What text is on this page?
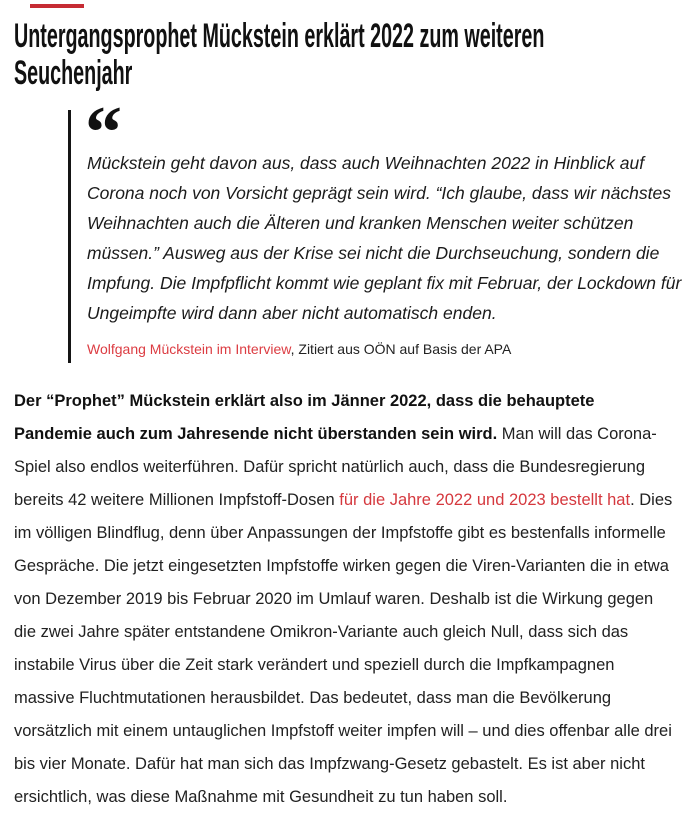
Untergangsprophet Mückstein erklärt 2022 zum weiteren
Seuchenjahr
“

Mückstein geht davon aus, dass auch Weihnachten 2022 in Hinblick auf Corona noch von Vorsicht geprägt sein wird. “Ich glaube, dass wir nächstes Weihnachten auch die Älteren und kranken Menschen weiter schützen müssen.” Ausweg aus der Krise sei nicht die Durchseuchung, sondern die Impfung. Die Impfpflicht kommt wie geplant fix mit Februar, der Lockdown für Ungeimpfte wird dann aber nicht automatisch enden.

Wolfgang Mückstein im Interview, Zitiert aus OÖN auf Basis der APA

Der “Prophet” Mückstein erklärt also im Jänner 2022, dass die behauptete Pandemie auch zum Jahresende nicht überstanden sein wird. Man will das Corona-Spiel also endlos weiterführen. Dafür spricht natürlich auch, dass die Bundesregierung bereits 42 weitere Millionen Impfstoff-Dosen für die Jahre 2022 und 2023 bestellt hat. Dies im völligen Blindflug, denn über Anpassungen der Impfstoffe gibt es bestenfalls informelle Gespräche. Die jetzt eingesetzten Impfstoffe wirken gegen die Viren-Varianten die in etwa von Dezember 2019 bis Februar 2020 im Umlauf waren. Deshalb ist die Wirkung gegen die zwei Jahre später entstandene Omikron-Variante auch gleich Null, dass sich das instabile Virus über die Zeit stark verändert und speziell durch die Impfkampagnen massive Fluchtmutationen herausbildet. Das bedeutet, dass man die Bevölkerung vorsätzlich mit einem untauglichen Impfstoff weiter impfen will – und dies offenbar alle drei bis vier Monate. Dafür hat man sich das Impfzwang-Gesetz gebastelt. Es ist aber nicht ersichtlich, was diese Maßnahme mit Gesundheit zu tun haben soll.
